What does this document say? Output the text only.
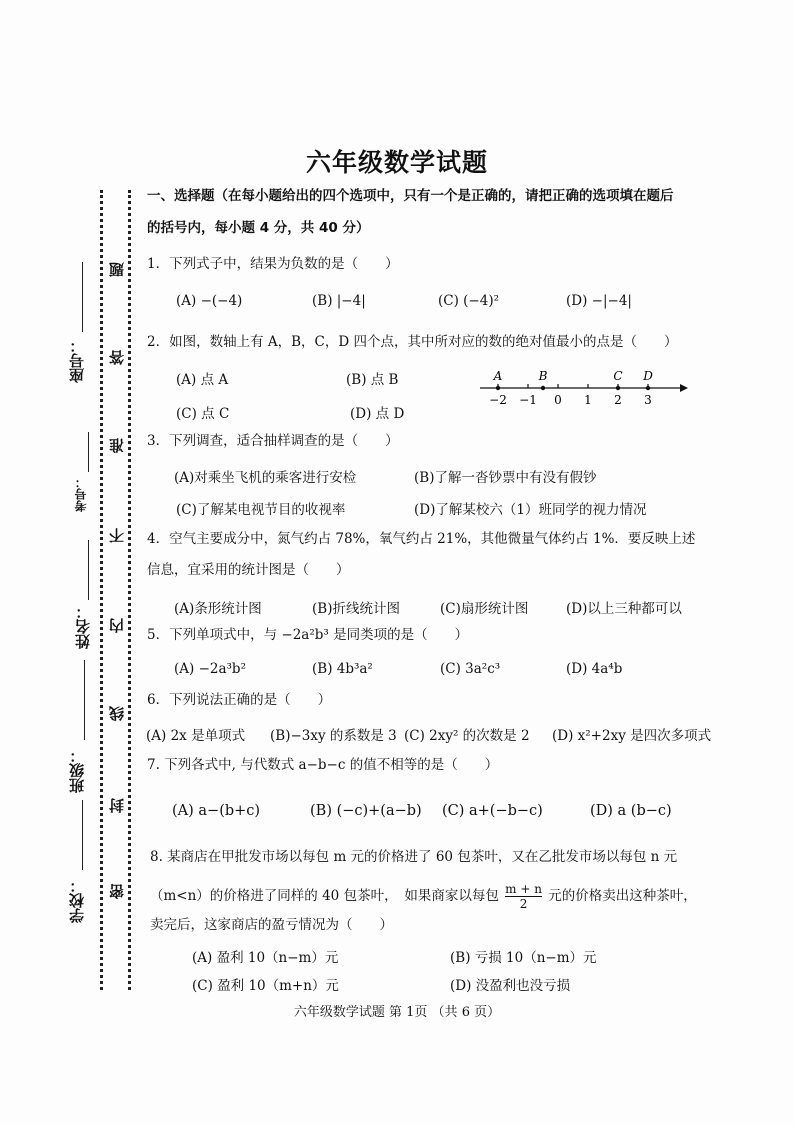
座号：
考号：
姓名：
班级：
学校：
题
答
准
不
内
线
封
密
六年级数学试题
一、选择题（在每小题给出的四个选项中，只有一个是正确的，请把正确的选项填在题后
的括号内，每小题 4 分，共 40 分）
1．下列式子中，结果为负数的是（　　）
(A) −(−4)	(B) |−4|	(C) (−4)²	(D) −|−4|
2．如图，数轴上有 A，B，C，D 四个点，其中所对应的数的绝对值最小的点是（　　）
(A) 点 A	(B) 点 B
(C) 点 C	(D) 点 D
−2 −1 0 1 2 3
A	B	C D
3．下列调查，适合抽样调查的是（　　）
(A)对乘坐飞机的乘客进行安检	(B)了解一沓钞票中有没有假钞
(C)了解某电视节目的收视率	(D)了解某校六（1）班同学的视力情况
4．空气主要成分中，氮气约占 78%，氧气约占 21%，其他微量气体约占 1%．要反映上述
信息，宜采用的统计图是（　　）
(A)条形统计图	(B)折线统计图	(C)扇形统计图	(D)以上三种都可以
5．下列单项式中，与 −2a²b³ 是同类项的是（　　）
(A) −2a³b²	(B) 4b³a²	(C) 3a²c³	(D) 4a⁴b
6．下列说法正确的是（　　）
(A) 2x 是单项式 (B)−3xy 的系数是 3 (C) 2xy² 的次数是 2 (D) x²+2xy 是四次多项式
7. 下列各式中, 与代数式 a−b−c 的值不相等的是（　　）
(A) a−(b+c)	(B) (−c)+(a−b) (C) a+(−b−c)	(D) a (b−c)
8. 某商店在甲批发市场以每包 m 元的价格进了 60 包茶叶，又在乙批发市场以每包 n 元
（m<n）的价格进了同样的 40 包茶叶，　如果商家以每包 $\frac{m + n}{2}$ 元的价格卖出这种茶叶，
卖完后，这家商店的盈亏情况为（　　）
(A) 盈利 10（n−m）元	(B) 亏损 10（n−m）元
(C) 盈利 10（m+n）元	(D) 没盈利也没亏损
六年级数学试题 第 1页 （共 6 页）
